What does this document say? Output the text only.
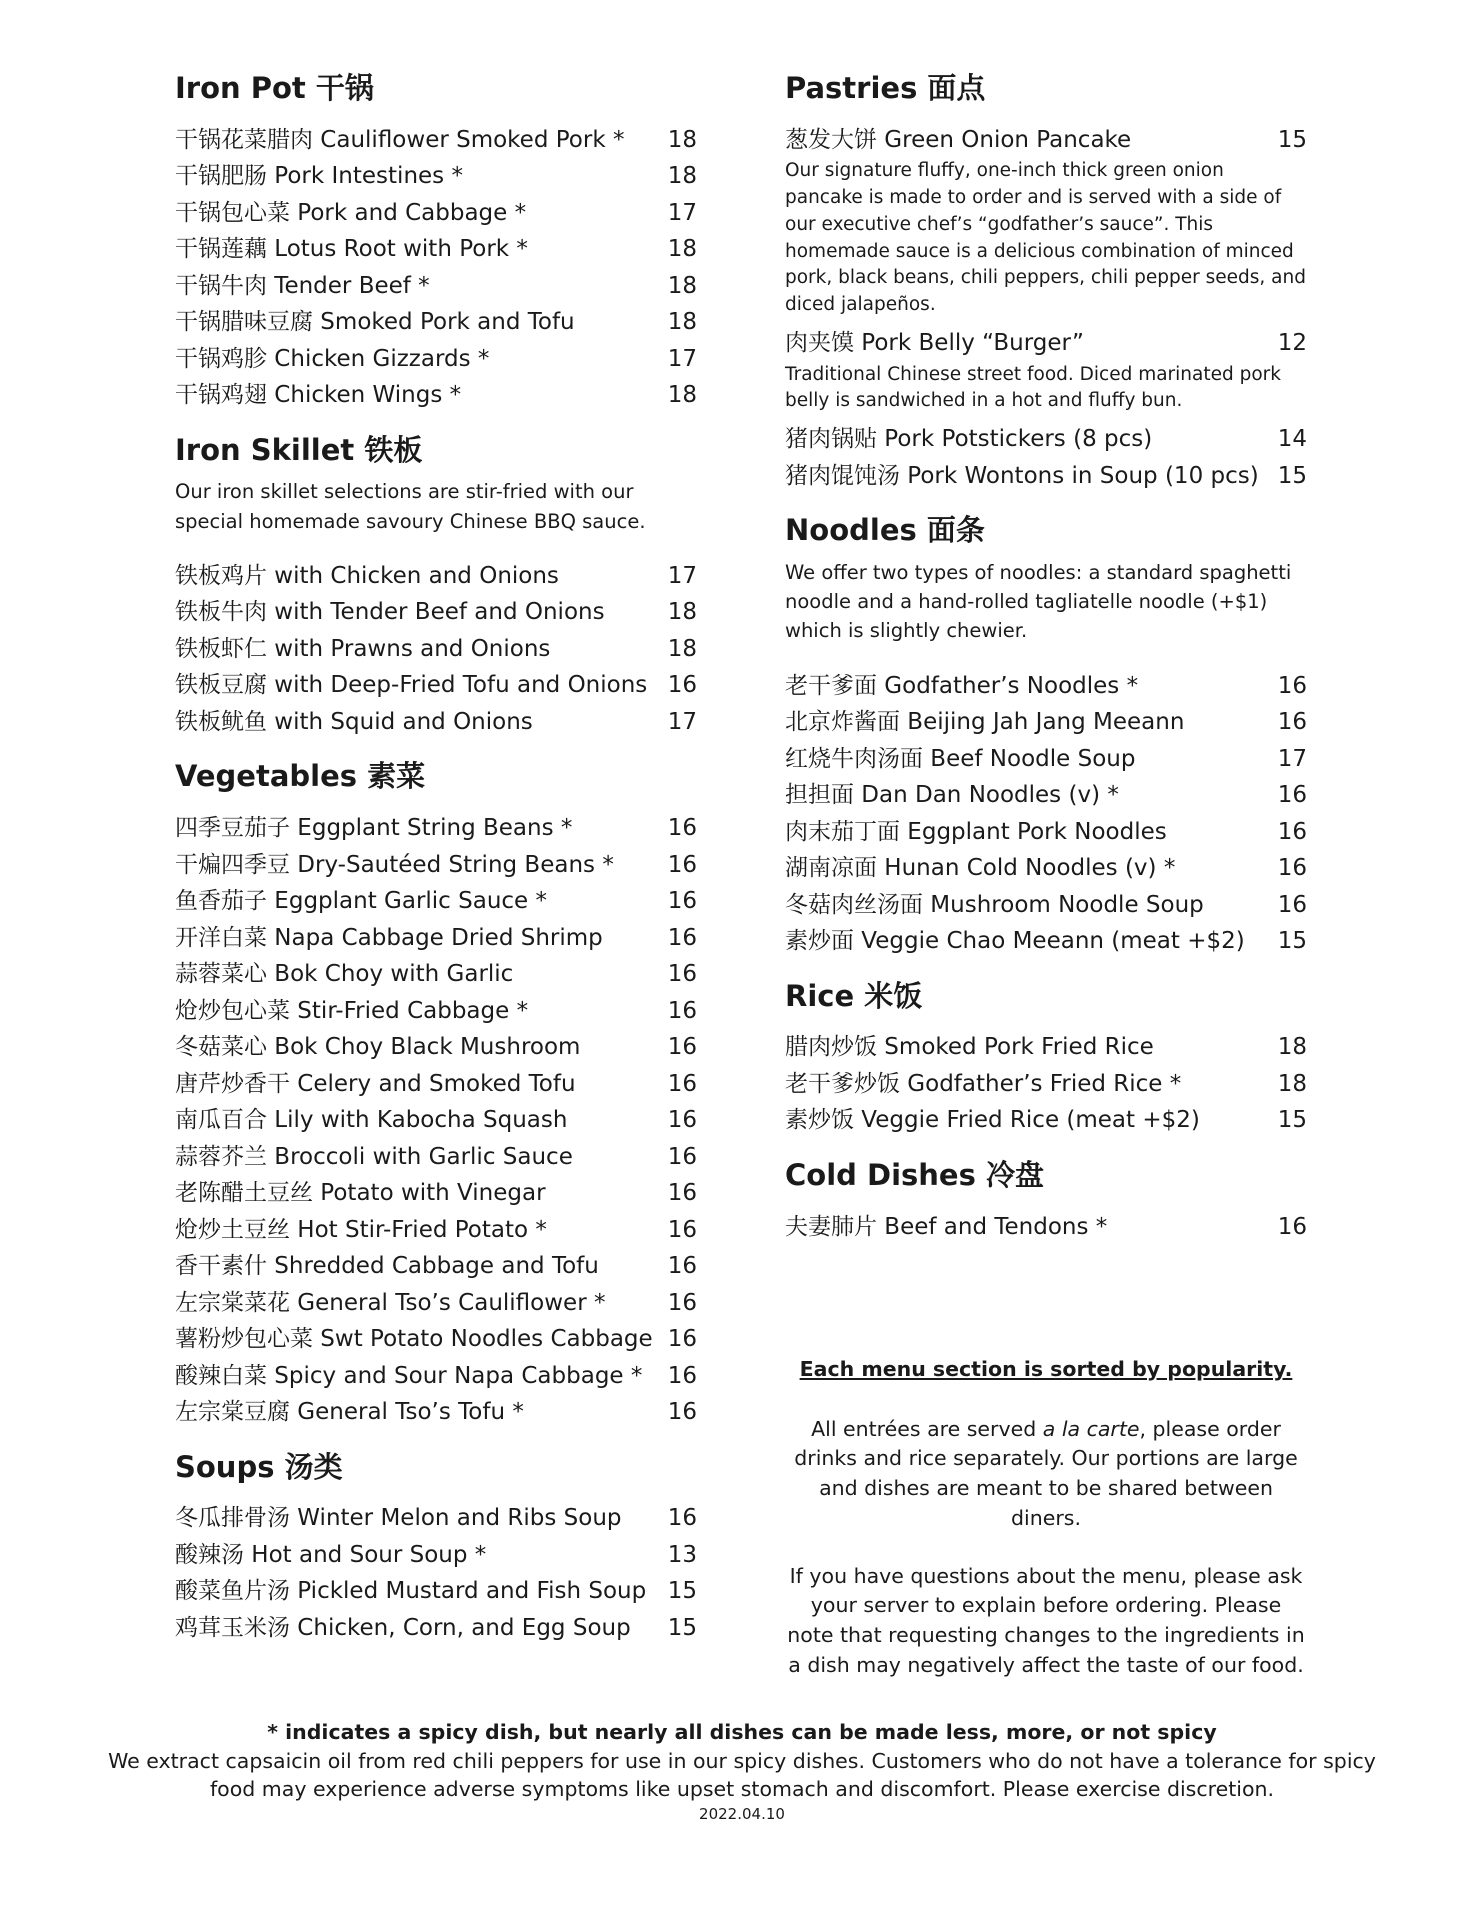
Iron Pot 干锅
干锅花菜腊肉 Cauliflower Smoked Pork * 18
干锅肥肠 Pork Intestines *	18
干锅包心菜 Pork and Cabbage *	17
干锅莲藕 Lotus Root with Pork *	18
干锅牛肉 Tender Beef *	18
干锅腊味豆腐 Smoked Pork and Tofu	18
干锅鸡胗 Chicken Gizzards *	17
干锅鸡翅 Chicken Wings *	18
Iron Skillet 铁板

Our iron skillet selections are stir-fried with our special homemade savoury Chinese BBQ sauce.

铁板鸡片 with Chicken and Onions	17
铁板牛肉 with Tender Beef and Onions	18
铁板虾仁 with Prawns and Onions	18
铁板豆腐 with Deep-Fried Tofu and Onions 16
铁板鱿鱼 with Squid and Onions	17
Vegetables 素菜
四季豆茄子 Eggplant String Beans *	16
干煸四季豆 Dry-Sautéed String Beans * 16
鱼香茄子 Eggplant Garlic Sauce *	16
开洋白菜 Napa Cabbage Dried Shrimp	16
蒜蓉菜心 Bok Choy with Garlic	16
炝炒包心菜 Stir-Fried Cabbage *	16
冬菇菜心 Bok Choy Black Mushroom	16
唐芹炒香干 Celery and Smoked Tofu	16
南瓜百合 Lily with Kabocha Squash	16
蒜蓉芥兰 Broccoli with Garlic Sauce	16
老陈醋土豆丝 Potato with Vinegar	16
炝炒土豆丝 Hot Stir-Fried Potato *	16
香干素什 Shredded Cabbage and Tofu	16
左宗棠菜花 General Tso’s Cauliflower *	16
薯粉炒包心菜 Swt Potato Noodles Cabbage 16
酸辣白菜 Spicy and Sour Napa Cabbage * 16
左宗棠豆腐 General Tso’s Tofu *	16
Soups 汤类
冬瓜排骨汤 Winter Melon and Ribs Soup 16
酸辣汤 Hot and Sour Soup *	13
酸菜鱼片汤 Pickled Mustard and Fish Soup 15
鸡茸玉米汤 Chicken, Corn, and Egg Soup 15
Pastries 面点
葱发大饼 Green Onion Pancake	15

Our signature fluffy, one-inch thick green onion pancake is made to order and is served with a side of our executive chef’s “godfather’s sauce”. This homemade sauce is a delicious combination of minced pork, black beans, chili peppers, chili pepper seeds, and diced jalapeños.

肉夹馍 Pork Belly “Burger”	12

Traditional Chinese street food. Diced marinated pork belly is sandwiched in a hot and fluffy bun.

猪肉锅贴 Pork Potstickers (8 pcs)	14
猪肉馄饨汤 Pork Wontons in Soup (10 pcs) 15
Noodles 面条

We offer two types of noodles: a standard spaghetti noodle and a hand-rolled tagliatelle noodle (+$1) which is slightly chewier.

老干爹面 Godfather’s Noodles *	16
北京炸酱面 Beijing Jah Jang Meeann	16
红烧牛肉汤面 Beef Noodle Soup	17
担担面 Dan Dan Noodles (v) *	16
肉末茄丁面 Eggplant Pork Noodles	16
湖南凉面 Hunan Cold Noodles (v) *	16
冬菇肉丝汤面 Mushroom Noodle Soup	16
素炒面 Veggie Chao Meeann (meat +$2) 15
Rice 米饭
腊肉炒饭 Smoked Pork Fried Rice	18
老干爹炒饭 Godfather’s Fried Rice *	18
素炒饭 Veggie Fried Rice (meat +$2)	15
Cold Dishes 冷盘
夫妻肺片 Beef and Tendons *	16
Each menu section is sorted by popularity.

All entrées are served a la carte, please order drinks and rice separately. Our portions are large and dishes are meant to be shared between diners.

If you have questions about the menu, please ask your server to explain before ordering. Please note that requesting changes to the ingredients in a dish may negatively affect the taste of our food.

* indicates a spicy dish, but nearly all dishes can be made less, more, or not spicy
We extract capsaicin oil from red chili peppers for use in our spicy dishes. Customers who do not have a tolerance for spicy food may experience adverse symptoms like upset stomach and discomfort. Please exercise discretion.
2022.04.10
